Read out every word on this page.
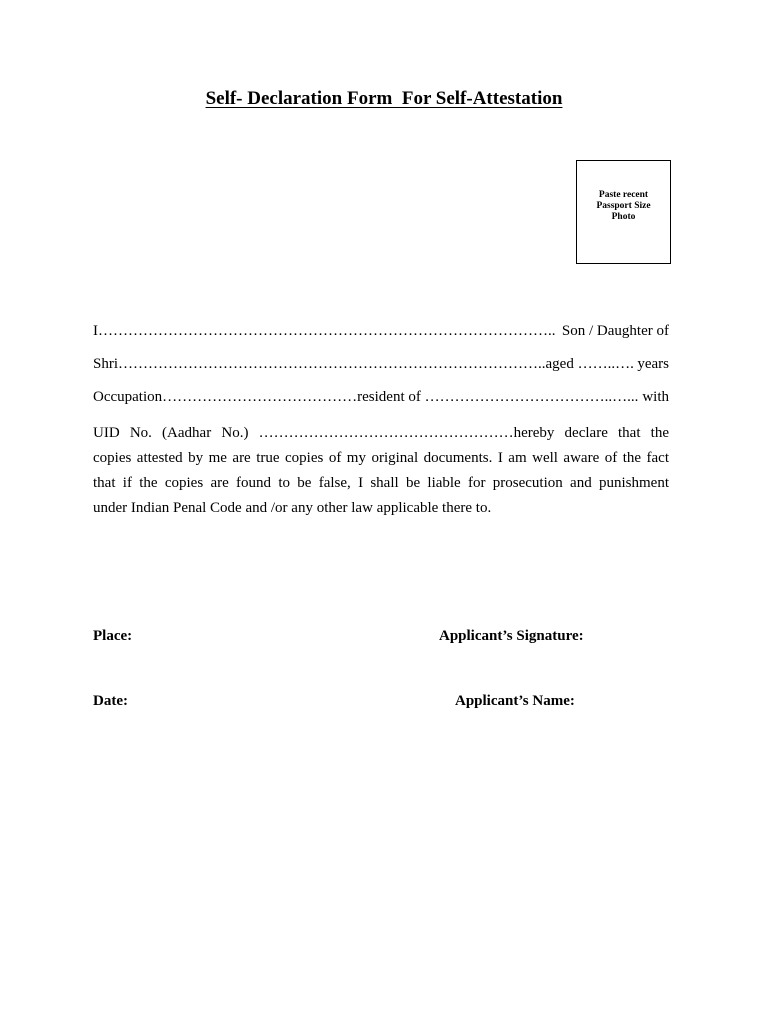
Self- Declaration Form  For Self-Attestation
Paste recent
Passport Size
Photo
I……………………………………………………………………………….. Son / Daughter of
Shri…………………………………………………………………………..aged ……..…. years
Occupation…………………………………resident of ………………………………..…... with
UID No. (Aadhar No.) ……………………………………………hereby declare that the
copies attested by me are true copies of my original documents. I am well aware of the fact
that if the copies are found to be false, I shall be liable for prosecution and punishment
under Indian Penal Code and /or any other law applicable there to.
Place:	Applicant’s Signature:
Date:	Applicant’s Name:
